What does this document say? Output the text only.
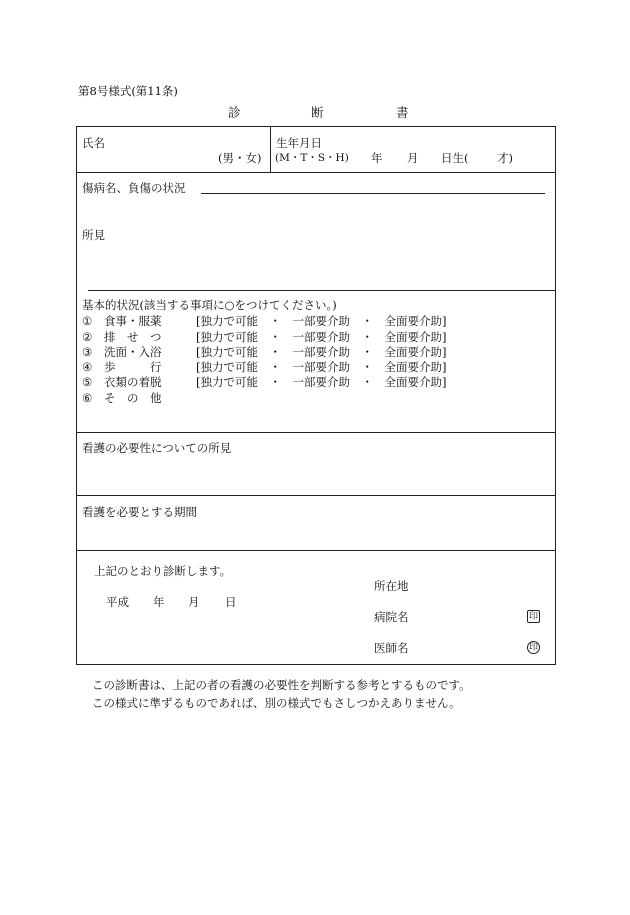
第8号様式(第11条)
診	断	書
氏名
(男・女)
生年月日
(M・T・S・H) 年 月 日生( 才)
傷病名、負傷の状況
所見
基本的状況(該当する事項に○をつけてください。)
①	食事・服薬	[独力で可能　・　一部要介助　・　全面要介助]
②	排　せ　つ	[独力で可能　・　一部要介助　・　全面要介助]
③	洗面・入浴	[独力で可能　・　一部要介助　・　全面要介助]
④	歩　　　行	[独力で可能　・　一部要介助　・　全面要介助]
⑤	衣類の着脱	[独力で可能　・　一部要介助　・　全面要介助]
⑥	そ　の　他
看護の必要性についての所見
看護を必要とする期間
上記のとおり診断します。
平成 年 月 日
所在地
病院名
医師名
印
印
この診断書は、上記の者の看護の必要性を判断する参考とするものです。
この様式に準ずるものであれば、別の様式でもさしつかえありません。
